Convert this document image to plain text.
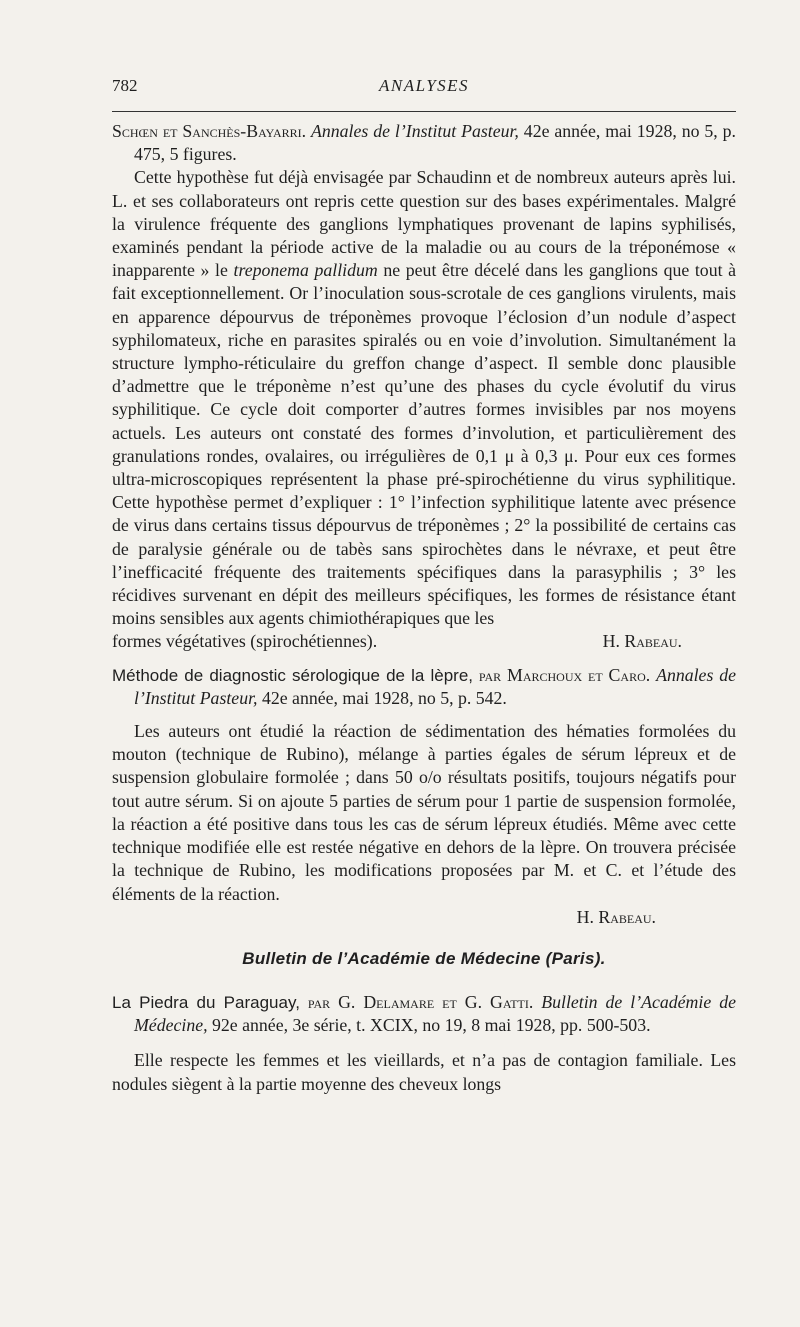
782	ANALYSES

Schœn et Sanchès-Bayarri. Annales de l’Institut Pasteur, 42e année, mai 1928, no 5, p. 475, 5 figures.

Cette hypothèse fut déjà envisagée par Schaudinn et de nombreux auteurs après lui. L. et ses collaborateurs ont repris cette question sur des bases expérimentales. Malgré la virulence fréquente des ganglions lymphatiques provenant de lapins syphilisés, examinés pendant la période active de la maladie ou au cours de la tréponémose « inapparente » le treponema pallidum ne peut être décelé dans les ganglions que tout à fait exceptionnellement. Or l’inoculation sous-scrotale de ces ganglions virulents, mais en apparence dépourvus de tréponèmes provoque l’éclosion d’un nodule d’aspect syphilomateux, riche en parasites spiralés ou en voie d’involution. Simultanément la structure lympho-réticulaire du greffon change d’aspect. Il semble donc plausible d’admettre que le tréponème n’est qu’une des phases du cycle évolutif du virus syphilitique. Ce cycle doit comporter d’autres formes invisibles par nos moyens actuels. Les auteurs ont constaté des formes d’involution, et particulièrement des granulations rondes, ovalaires, ou irrégulières de 0,1 μ à 0,3 μ. Pour eux ces formes ultra-microscopiques représentent la phase pré-spirochétienne du virus syphilitique. Cette hypothèse permet d’expliquer : 1° l’infection syphilitique latente avec présence de virus dans certains tissus dépourvus de tréponèmes ; 2° la possibilité de certains cas de paralysie générale ou de tabès sans spirochètes dans le névraxe, et peut être l’inefficacité fréquente des traitements spécifiques dans la parasyphilis ; 3° les récidives survenant en dépit des meilleurs spécifiques, les formes de résistance étant moins sensibles aux agents chimiothérapiques que les

formes végétatives (spirochétiennes).	H. Rabeau.

Méthode de diagnostic sérologique de la lèpre, par Marchoux et Caro. Annales de l’Institut Pasteur, 42e année, mai 1928, no 5, p. 542.

Les auteurs ont étudié la réaction de sédimentation des hématies formolées du mouton (technique de Rubino), mélange à parties égales de sérum lépreux et de suspension globulaire formolée ; dans 50 o/o résultats positifs, toujours négatifs pour tout autre sérum. Si on ajoute 5 parties de sérum pour 1 partie de suspension formolée, la réaction a été positive dans tous les cas de sérum lépreux étudiés. Même avec cette technique modifiée elle est restée négative en dehors de la lèpre. On trouvera précisée la technique de Rubino, les modifications proposées par M. et C. et l’étude des éléments de la réaction.

H. Rabeau.

Bulletin de l’Académie de Médecine (Paris).

La Piedra du Paraguay, par G. Delamare et G. Gatti. Bulletin de l’Académie de Médecine, 92e année, 3e série, t. XCIX, no 19, 8 mai 1928, pp. 500-503.

Elle respecte les femmes et les vieillards, et n’a pas de contagion familiale. Les nodules siègent à la partie moyenne des cheveux longs
